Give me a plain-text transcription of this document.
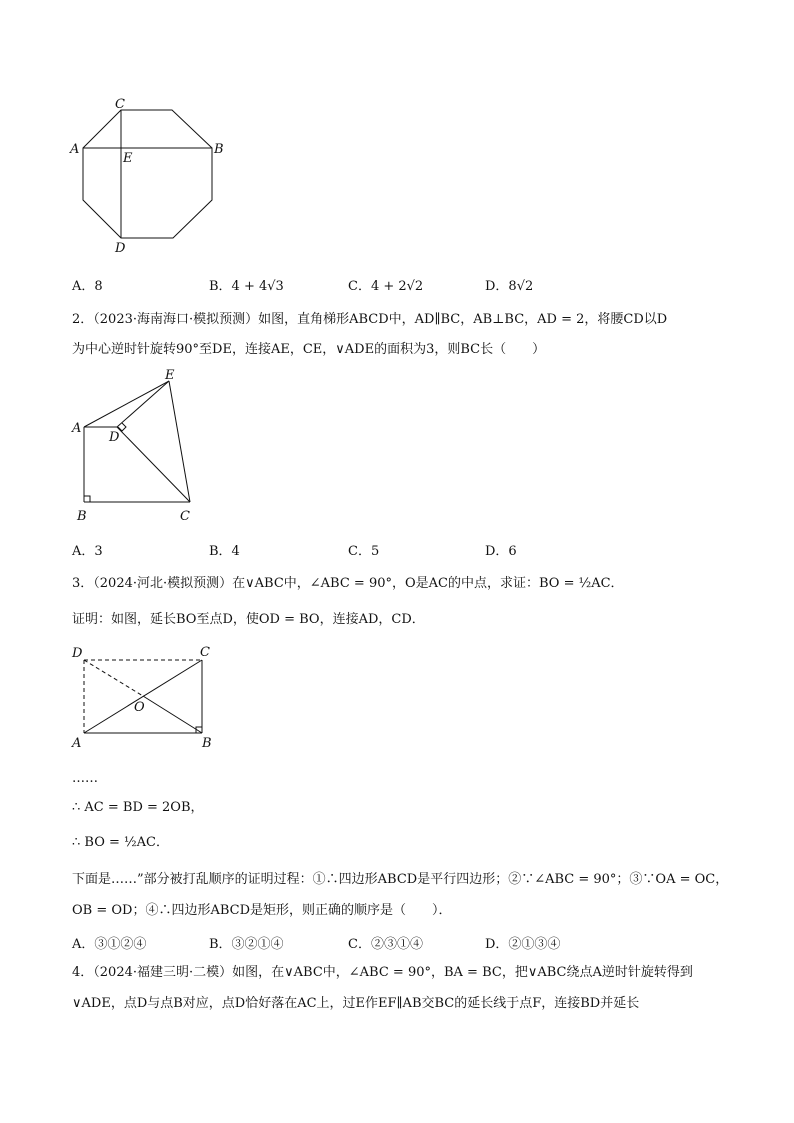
C
A
E
B
D
A．8	B．4 + 4√3	C．4 + 2√2	D．8√2
2．（2023·海南海口·模拟预测）如图，直角梯形ABCD中，AD∥BC，AB⊥BC，AD = 2，将腰CD以D
为中心逆时针旋转90°至DE，连接AE，CE，∨ADE的面积为3，则BC长（　　）
E
A
D
B	C
A．3	B．4	C．5	D．6
3．（2024·河北·模拟预测）在∨ABC中，∠ABC = 90°，O是AC的中点，求证：BO = ½AC．
证明：如图，延长BO至点D，使OD = BO，连接AD，CD．
D	C
O
A	B
……
∴ AC = BD = 2OB，
∴ BO = ½AC．
下面是……”部分被打乱顺序的证明过程：①∴四边形ABCD是平行四边形；②∵∠ABC = 90°；③∵OA = OC，
OB = OD；④∴四边形ABCD是矩形，则正确的顺序是（　　）．
A．③①②④	B．③②①④	C．②③①④	D．②①③④
4．（2024·福建三明·二模）如图，在∨ABC中，∠ABC = 90°，BA = BC，把∨ABC绕点A逆时针旋转得到
∨ADE，点D与点B对应，点D恰好落在AC上，过E作EF∥AB交BC的延长线于点F，连接BD并延长
